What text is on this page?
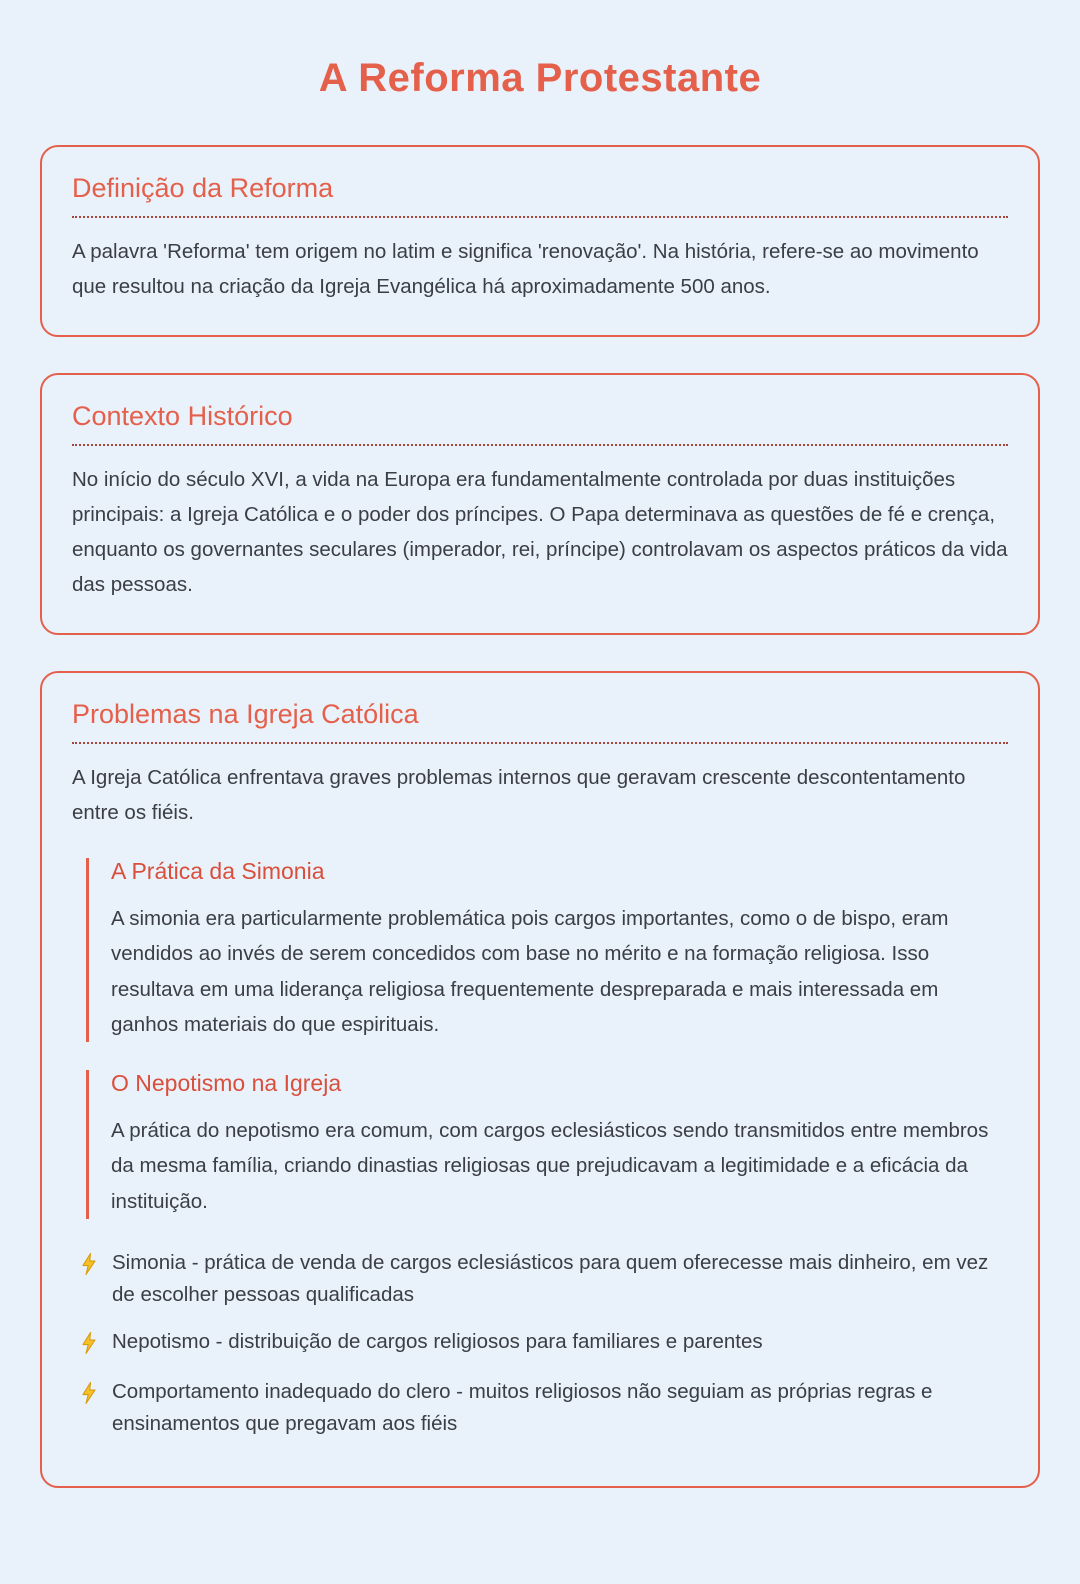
A Reforma Protestante
Definição da Reforma

A palavra 'Reforma' tem origem no latim e significa 'renovação'. Na história, refere-se ao movimento que resultou na criação da Igreja Evangélica há aproximadamente 500 anos.

Contexto Histórico

No início do século XVI, a vida na Europa era fundamentalmente controlada por duas instituições principais: a Igreja Católica e o poder dos príncipes. O Papa determinava as questões de fé e crença, enquanto os governantes seculares (imperador, rei, príncipe) controlavam os aspectos práticos da vida das pessoas.

Problemas na Igreja Católica

A Igreja Católica enfrentava graves problemas internos que geravam crescente descontentamento entre os fiéis.

A Prática da Simonia

A simonia era particularmente problemática pois cargos importantes, como o de bispo, eram vendidos ao invés de serem concedidos com base no mérito e na formação religiosa. Isso resultava em uma liderança religiosa frequentemente despreparada e mais interessada em ganhos materiais do que espirituais.

O Nepotismo na Igreja

A prática do nepotismo era comum, com cargos eclesiásticos sendo transmitidos entre membros da mesma família, criando dinastias religiosas que prejudicavam a legitimidade e a eficácia da instituição.

Simonia - prática de venda de cargos eclesiásticos para quem oferecesse mais dinheiro, em vez de escolher pessoas qualificadas

Nepotismo - distribuição de cargos religiosos para familiares e parentes

Comportamento inadequado do clero - muitos religiosos não seguiam as próprias regras e ensinamentos que pregavam aos fiéis
